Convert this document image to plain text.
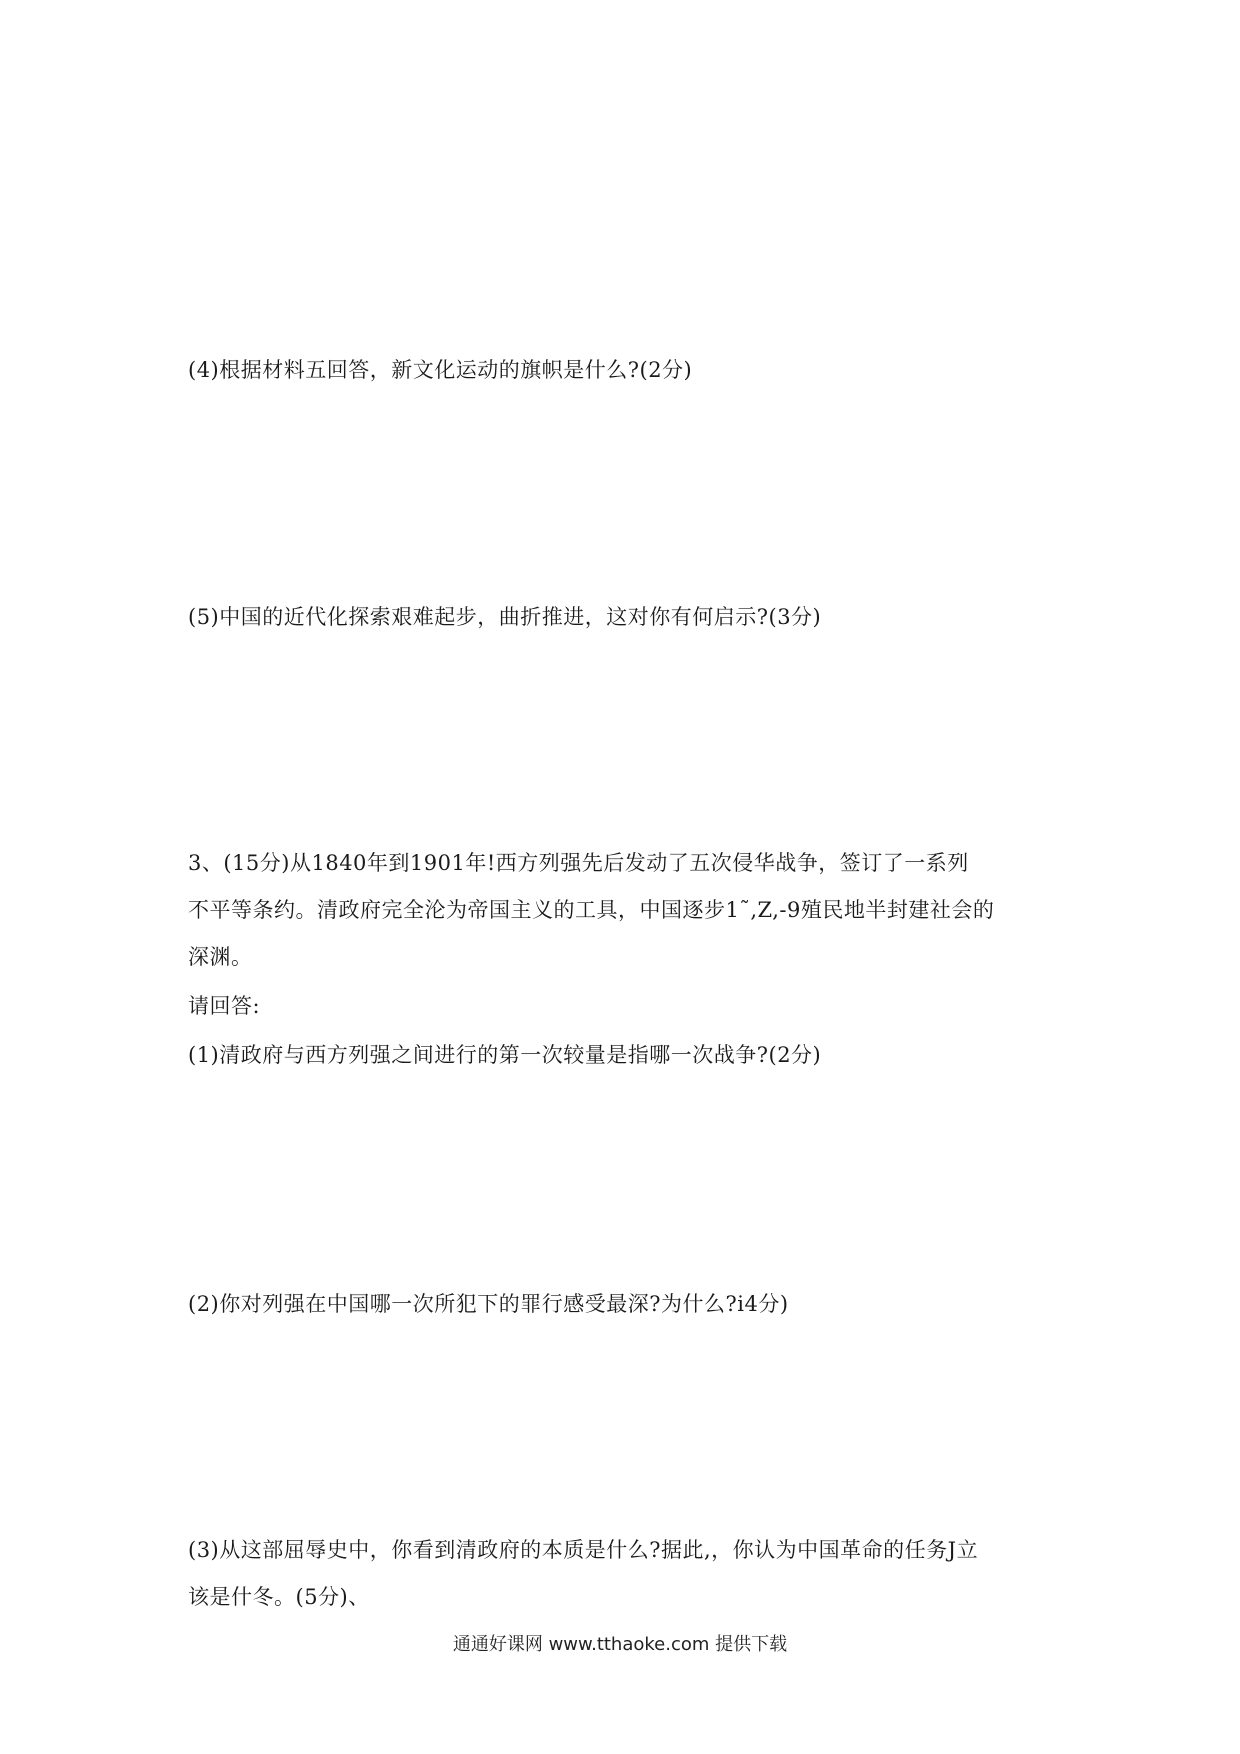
(4)根据材料五回答，新文化运动的旗帜是什么?(2分)
(5)中国的近代化探索艰难起步，曲折推进，这对你有何启示?(3分)
3、(15分)从1840年到1901年!西方列强先后发动了五次侵华战争，签订了一系列
不平等条约。清政府完全沦为帝国主义的工具，中国逐步1˜,Z,-9殖民地半封建社会的
深渊。
请回答:
(1)清政府与西方列强之间进行的第一次较量是指哪一次战争?(2分)
(2)你对列强在中国哪一次所犯下的罪行感受最深?为什么?i4分)
(3)从这部屈辱史中，你看到清政府的本质是什么?据此,，你认为中国革命的任务J立
该是什冬。(5分)、
通通好课网 www.tthaoke.com 提供下载
